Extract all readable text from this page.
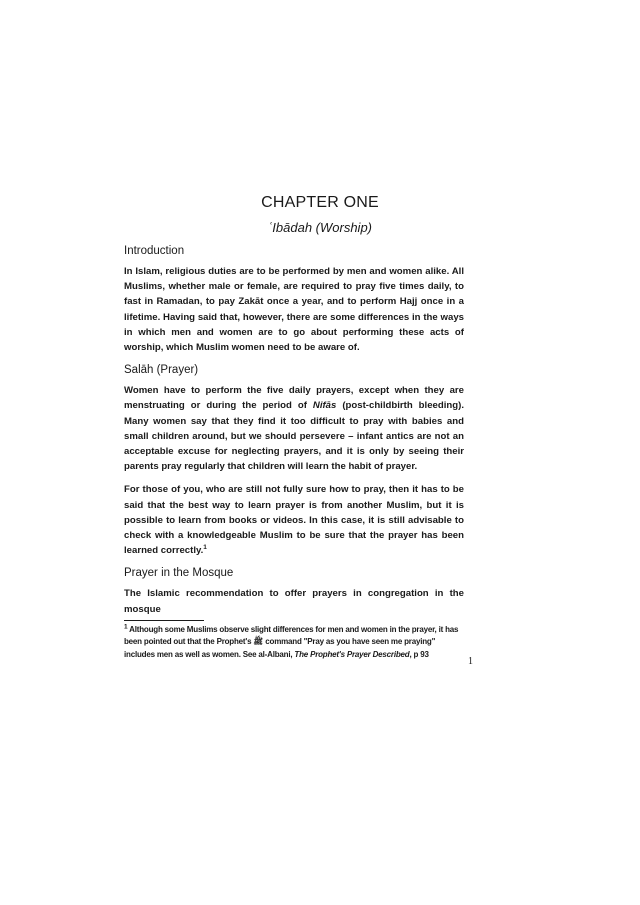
CHAPTER ONE
ʿIbādah (Worship)
Introduction

In Islam, religious duties are to be performed by men and women alike. All Muslims, whether male or female, are required to pray five times daily, to fast in Ramadan, to pay Zakāt once a year, and to perform Hajj once in a lifetime. Having said that, however, there are some differences in the ways in which men and women are to go about performing these acts of worship, which Muslim women need to be aware of.

Salāh (Prayer)

Women have to perform the five daily prayers, except when they are menstruating or during the period of Nifās (post-childbirth bleeding). Many women say that they find it too difficult to pray with babies and small children around, but we should persevere – infant antics are not an acceptable excuse for neglecting prayers, and it is only by seeing their parents pray regularly that children will learn the habit of prayer.

For those of you, who are still not fully sure how to pray, then it has to be said that the best way to learn prayer is from another Muslim, but it is possible to learn from books or videos. In this case, it is still advisable to check with a knowledgeable Muslim to be sure that the prayer has been learned correctly.$^1$

Prayer in the Mosque

The Islamic recommendation to offer prayers in congregation in the mosque

$^1$ Although some Muslims observe slight differences for men and women in the prayer, it has been pointed out that the Prophet's ﷺ command "Pray as you have seen me praying" includes men as well as women. See al-Albani, The Prophet's Prayer Described, p 93

1
